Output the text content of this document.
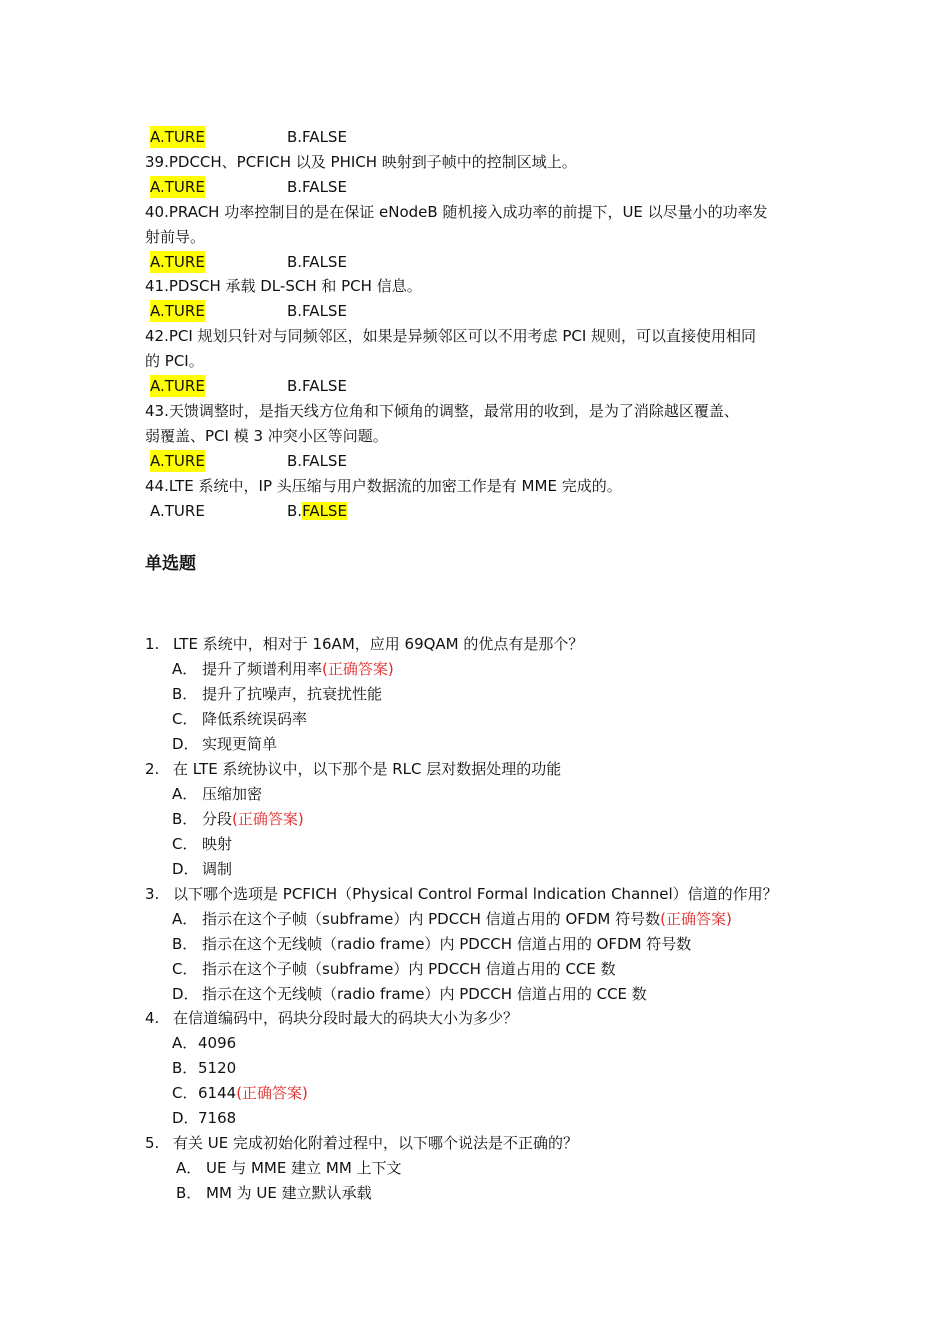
A.TURE	B.FALSE
39.PDCCH、PCFICH 以及 PHICH 映射到子帧中的控制区域上。
A.TURE	B.FALSE
40.PRACH 功率控制目的是在保证 eNodeB 随机接入成功率的前提下，UE 以尽量小的功率发
射前导。
A.TURE	B.FALSE
41.PDSCH 承载 DL-SCH 和 PCH 信息。
A.TURE	B.FALSE
42.PCI 规划只针对与同频邻区，如果是异频邻区可以不用考虑 PCI 规则，可以直接使用相同
的 PCI。
A.TURE	B.FALSE
43.天馈调整时，是指天线方位角和下倾角的调整，最常用的收到，是为了消除越区覆盖、
弱覆盖、PCI 模 3 冲突小区等问题。
A.TURE	B.FALSE
44.LTE 系统中，IP 头压缩与用户数据流的加密工作是有 MME 完成的。
A.TURE	B.FALSE
单选题
1. LTE 系统中，相对于 16AM，应用 69QAM 的优点有是那个？
A． 提升了频谱利用率(正确答案)
B． 提升了抗噪声，抗衰扰性能
C． 降低系统误码率
D． 实现更简单
2. 在 LTE 系统协议中，以下那个是 RLC 层对数据处理的功能
A． 压缩加密
B． 分段(正确答案)
C． 映射
D． 调制
3. 以下哪个选项是 PCFICH（Physical Control Formal lndication Channel）信道的作用？
A． 指示在这个子帧（subframe）内 PDCCH 信道占用的 OFDM 符号数(正确答案)
B． 指示在这个无线帧（radio frame）内 PDCCH 信道占用的 OFDM 符号数
C． 指示在这个子帧（subframe）内 PDCCH 信道占用的 CCE 数
D． 指示在这个无线帧（radio frame）内 PDCCH 信道占用的 CCE 数
4. 在信道编码中，码块分段时最大的码块大小为多少？
A．4096
B．5120
C．6144(正确答案)
D．7168
5. 有关 UE 完成初始化附着过程中，以下哪个说法是不正确的？
A． UE 与 MME 建立 MM 上下文
B． MM 为 UE 建立默认承载
